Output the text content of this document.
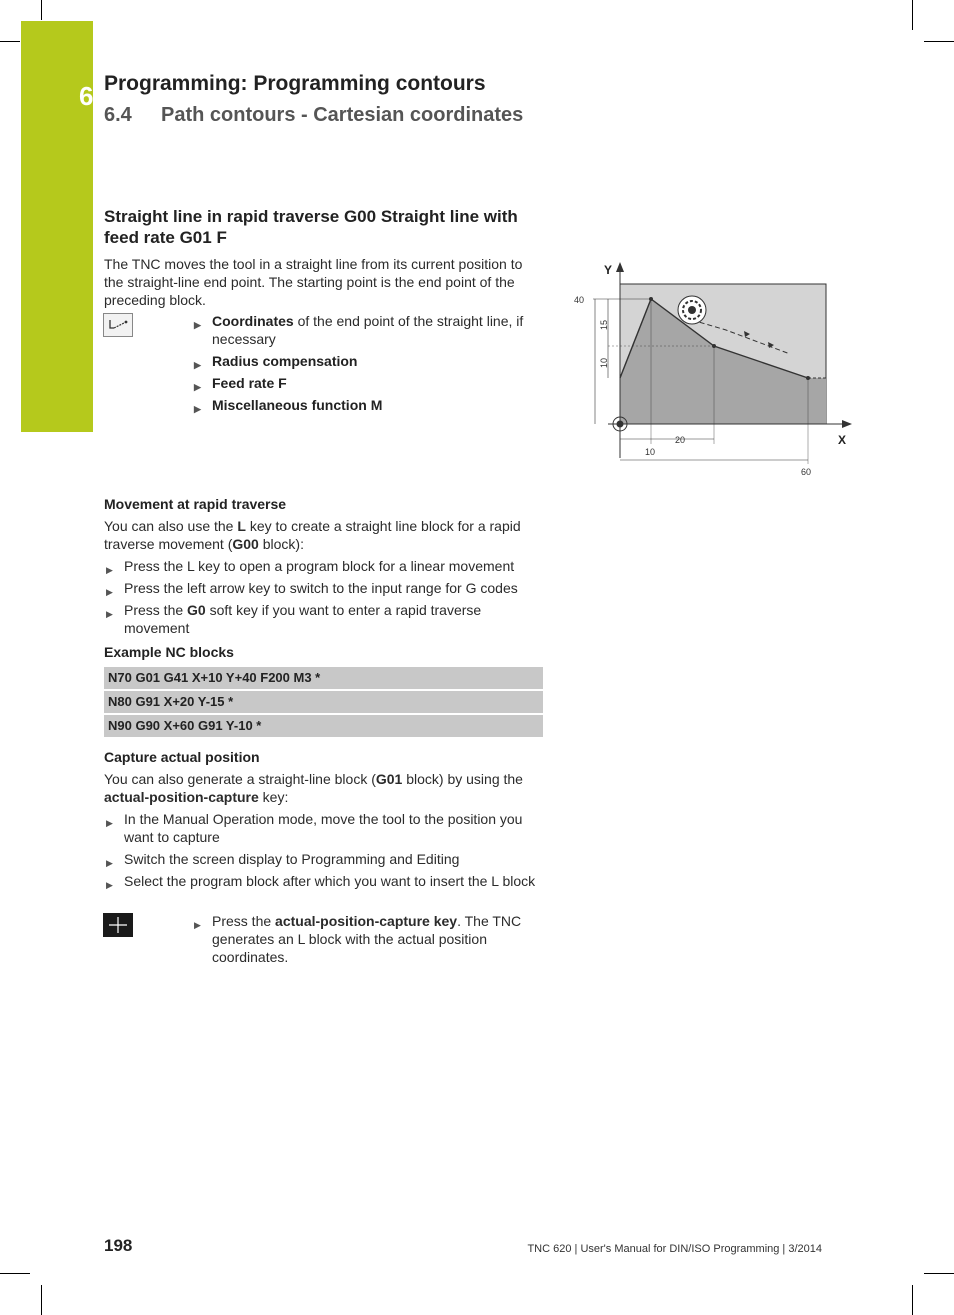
6 Programming: Programming contours
6.4 Path contours - Cartesian coordinates
Straight line in rapid traverse G00 Straight line with feed rate G01 F

The TNC moves the tool in a straight line from its current position to the straight-line end point. The starting point is the end point of the preceding block.

▶ Coordinates of the end point of the straight line, if necessary
▶ Radius compensation
▶ Feed rate F
▶ Miscellaneous function M
Y
X
40
15
10
20
10
60
Movement at rapid traverse

You can also use the L key to create a straight line block for a rapid traverse movement (G00 block):

▶ Press the L key to open a program block for a linear movement
▶ Press the left arrow key to switch to the input range for G codes
▶ Press the G0 soft key if you want to enter a rapid traverse movement
Example NC blocks
N70 G01 G41 X+10 Y+40 F200 M3 *
N80 G91 X+20 Y-15 *
N90 G90 X+60 G91 Y-10 *
Capture actual position

You can also generate a straight-line block (G01 block) by using the actual-position-capture key:

▶ In the Manual Operation mode, move the tool to the position you want to capture
▶ Switch the screen display to Programming and Editing
▶ Select the program block after which you want to insert the L block
▶ Press the actual-position-capture key. The TNC generates an L block with the actual position coordinates.
198	TNC 620 | User's Manual for DIN/ISO Programming | 3/2014
